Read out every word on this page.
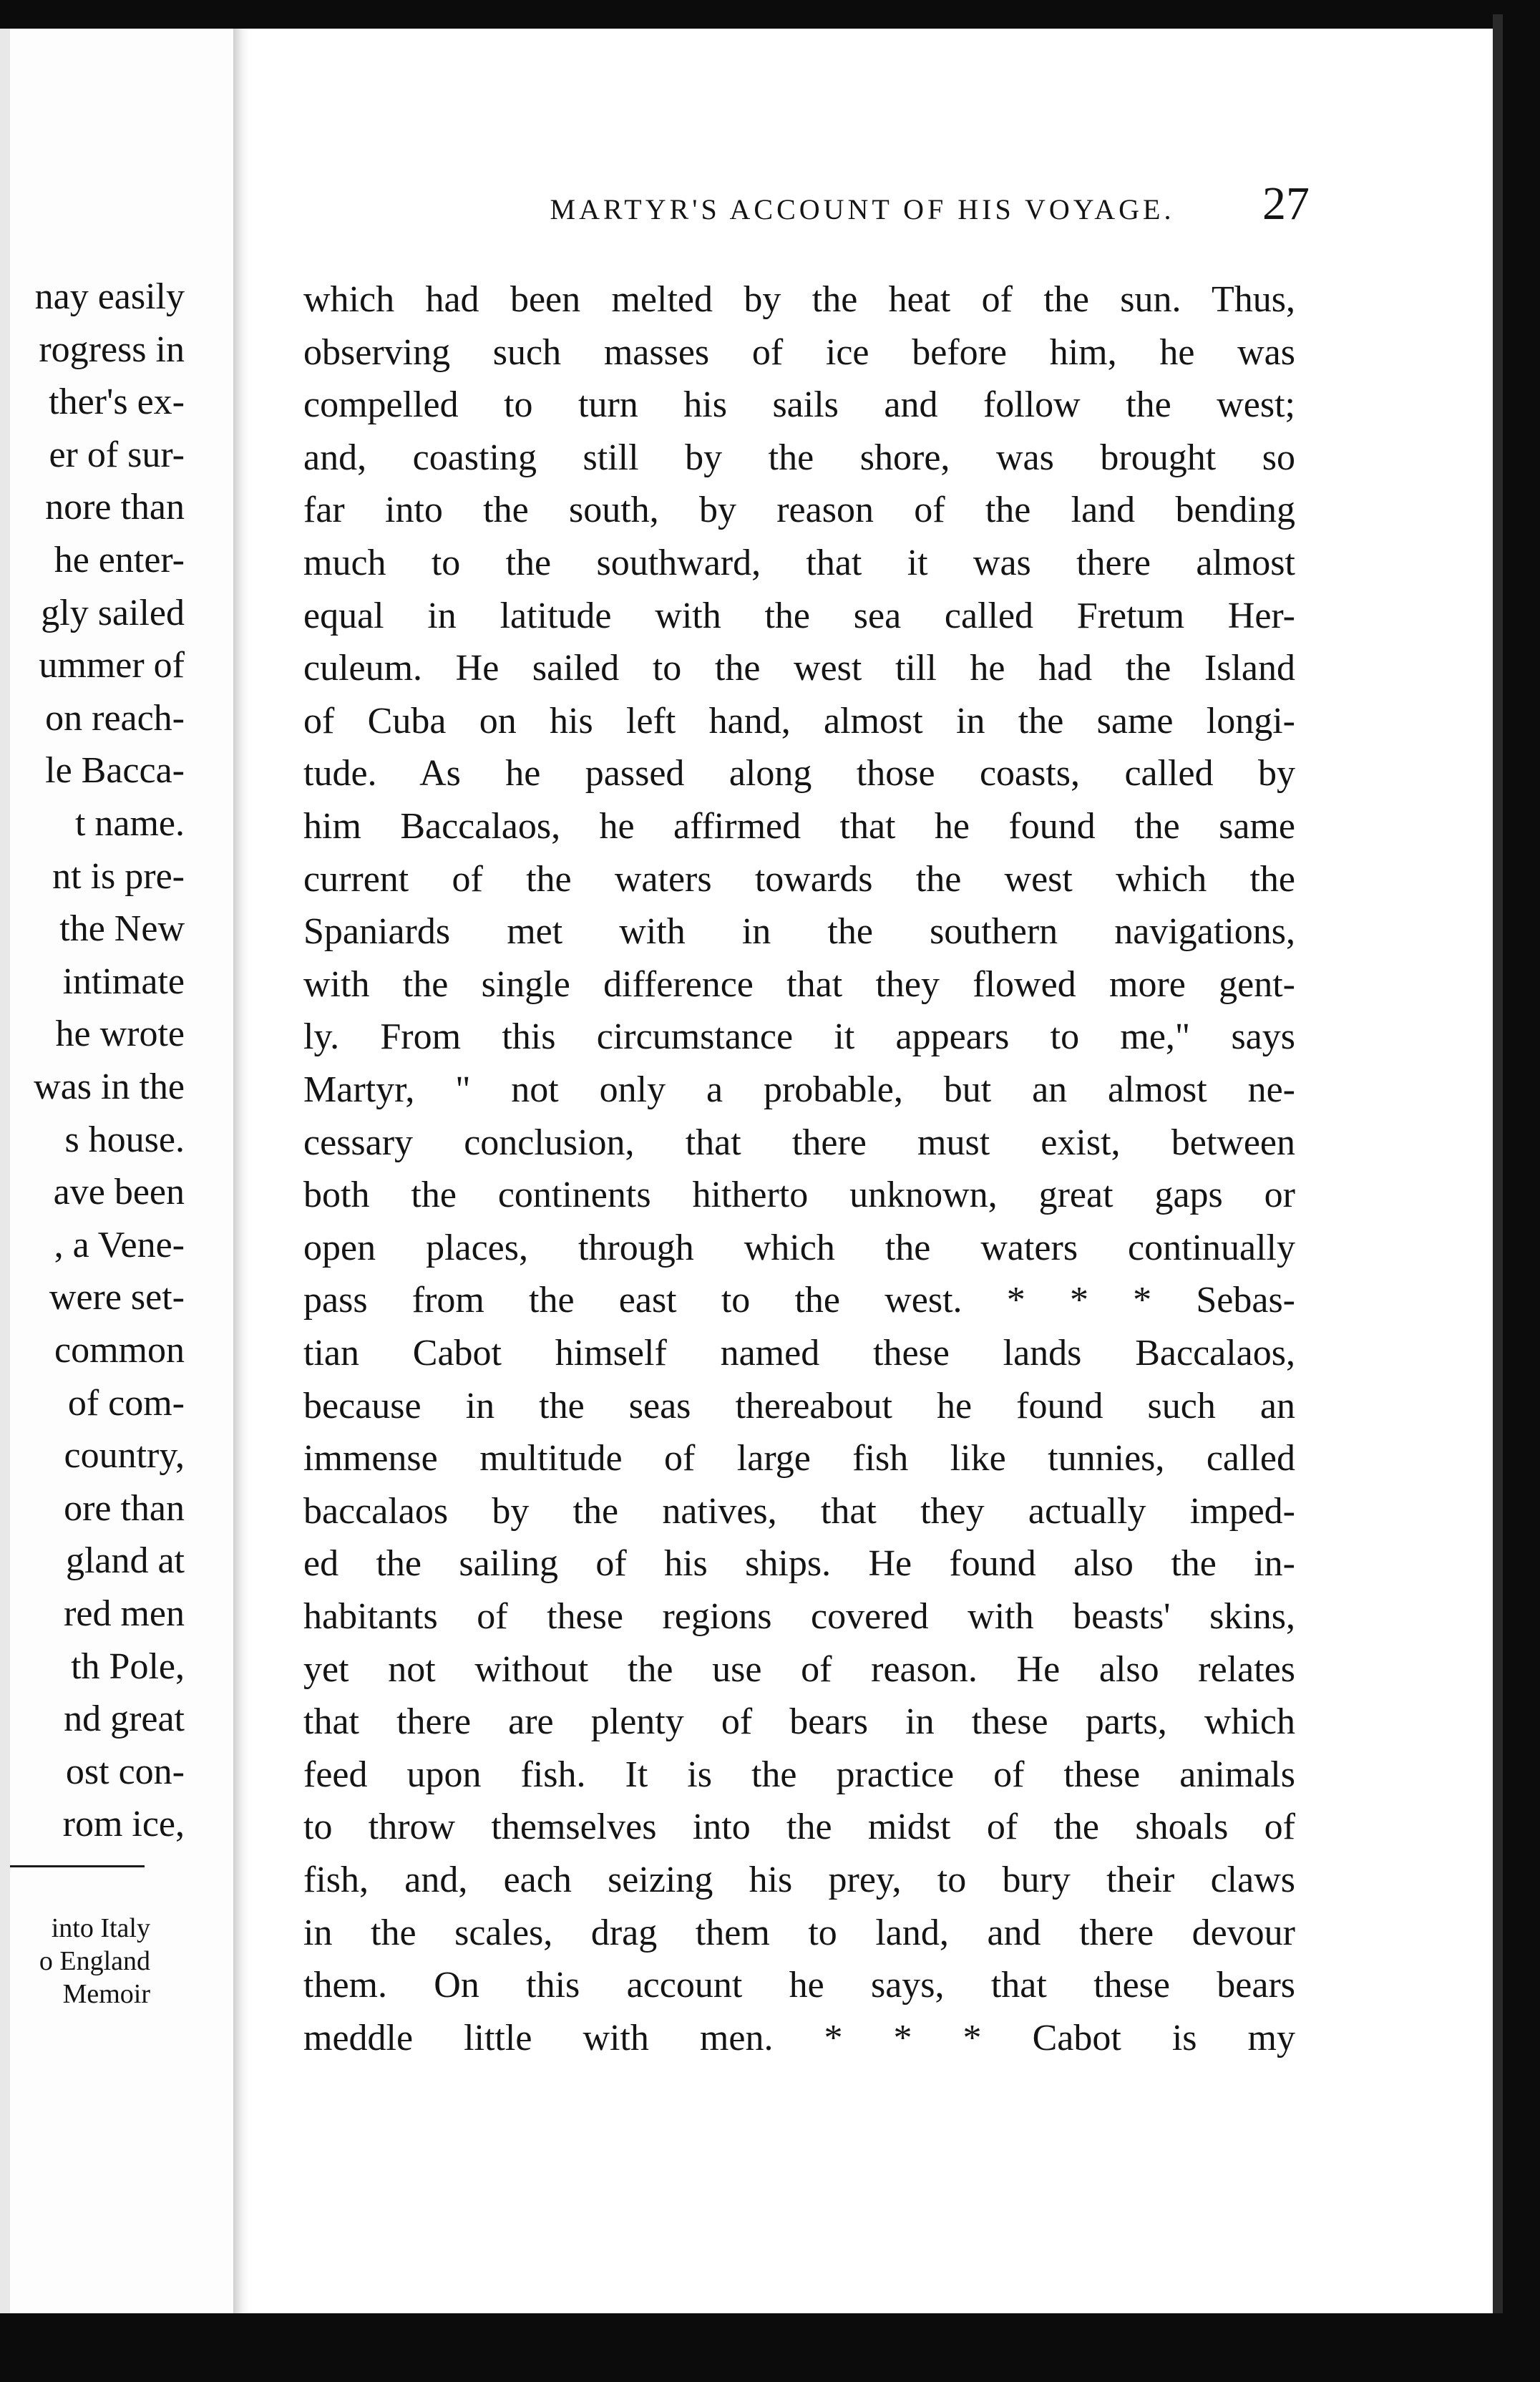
nay easily
rogress in
ther's ex-
er of sur-
nore than
he enter-
gly sailed
ummer of
on reach-
le Bacca-
t name.
nt is pre-
the New
intimate
he wrote
was in the
s house.
ave been
, a Vene-
were set-
common
of com-
country,
ore than
gland at
red men
th Pole,
nd great
ost con-
rom ice,
into Italy
o England
Memoir
MARTYR'S ACCOUNT OF HIS VOYAGE.	27
which had been melted by the heat of the sun. Thus,
observing such masses of ice before him, he was
compelled to turn his sails and follow the west;
and, coasting still by the shore, was brought so
far into the south, by reason of the land bending
much to the southward, that it was there almost
equal in latitude with the sea called Fretum Her-
culeum. He sailed to the west till he had the Island
of Cuba on his left hand, almost in the same longi-
tude. As he passed along those coasts, called by
him Baccalaos, he affirmed that he found the same
current of the waters towards the west which the
Spaniards met with in the southern navigations,
with the single difference that they flowed more gent-
ly. From this circumstance it appears to me," says
Martyr, " not only a probable, but an almost ne-
cessary conclusion, that there must exist, between
both the continents hitherto unknown, great gaps or
open places, through which the waters continually
pass from the east to the west. * * * Sebas-
tian Cabot himself named these lands Baccalaos,
because in the seas thereabout he found such an
immense multitude of large fish like tunnies, called
baccalaos by the natives, that they actually imped-
ed the sailing of his ships. He found also the in-
habitants of these regions covered with beasts' skins,
yet not without the use of reason. He also relates
that there are plenty of bears in these parts, which
feed upon fish. It is the practice of these animals
to throw themselves into the midst of the shoals of
fish, and, each seizing his prey, to bury their claws
in the scales, drag them to land, and there devour
them. On this account he says, that these bears
meddle little with men. * * * Cabot is my
